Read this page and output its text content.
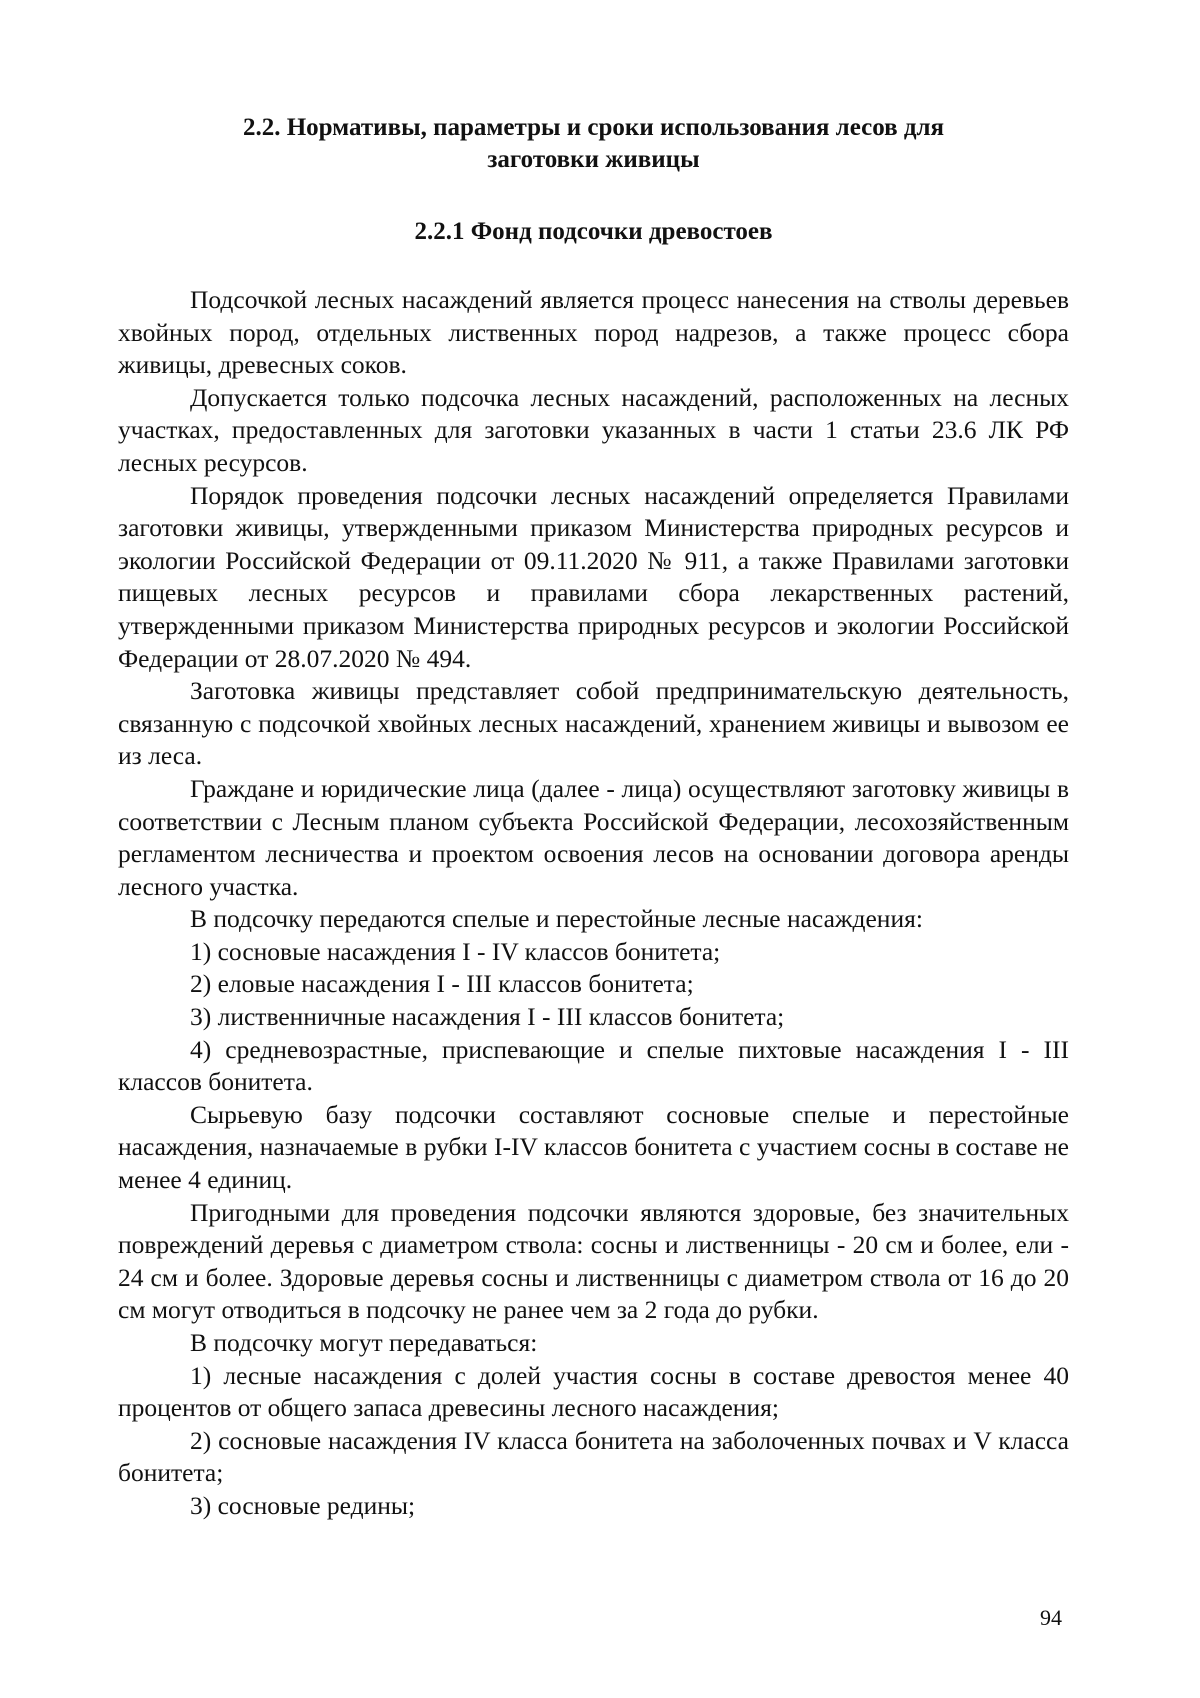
2.2. Нормативы, параметры и сроки использования лесов для
заготовки живицы
2.2.1 Фонд подсочки древостоев

Подсочкой лесных насаждений является процесс нанесения на стволы деревьев хвойных пород, отдельных лиственных пород надрезов, а также процесс сбора живицы, древесных соков.

Допускается только подсочка лесных насаждений, расположенных на лесных участках, предоставленных для заготовки указанных в части 1 статьи 23.6 ЛК РФ лесных ресурсов.

Порядок проведения подсочки лесных насаждений определяется Правилами заготовки живицы, утвержденными приказом Министерства природных ресурсов и экологии Российской Федерации от 09.11.2020 № 911, а также Правилами заготовки пищевых лесных ресурсов и правилами сбора лекарственных растений, утвержденными приказом Министерства природных ресурсов и экологии Российской Федерации от 28.07.2020 № 494.

Заготовка живицы представляет собой предпринимательскую деятельность, связанную с подсочкой хвойных лесных насаждений, хранением живицы и вывозом ее из леса.

Граждане и юридические лица (далее - лица) осуществляют заготовку живицы в соответствии с Лесным планом субъекта Российской Федерации, лесохозяйственным регламентом лесничества и проектом освоения лесов на основании договора аренды лесного участка.

В подсочку передаются спелые и перестойные лесные насаждения:

1) сосновые насаждения I - IV классов бонитета;

2) еловые насаждения I - III классов бонитета;

3) лиственничные насаждения I - III классов бонитета;

4) средневозрастные, приспевающие и спелые пихтовые насаждения I - III классов бонитета.

Сырьевую базу подсочки составляют сосновые спелые и перестойные насаждения, назначаемые в рубки I-IV классов бонитета с участием сосны в составе не менее 4 единиц.

Пригодными для проведения подсочки являются здоровые, без значительных повреждений деревья с диаметром ствола: сосны и лиственницы - 20 см и более, ели - 24 см и более. Здоровые деревья сосны и лиственницы с диаметром ствола от 16 до 20 см могут отводиться в подсочку не ранее чем за 2 года до рубки.

В подсочку могут передаваться:

1) лесные насаждения с долей участия сосны в составе древостоя менее 40 процентов от общего запаса древесины лесного насаждения;

2) сосновые насаждения IV класса бонитета на заболоченных почвах и V класса бонитета;

3) сосновые редины;

94
